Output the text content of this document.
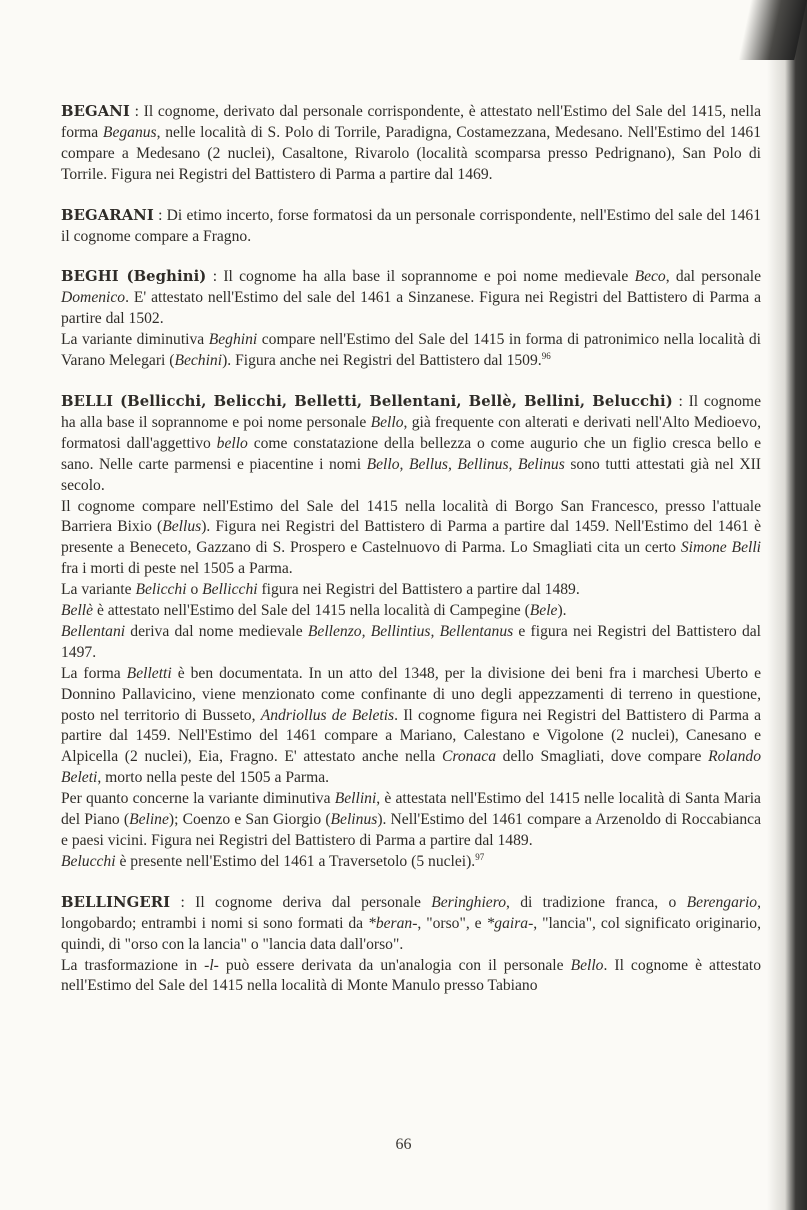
BEGANI : Il cognome, derivato dal personale corrispondente, è attestato nell'Estimo del Sale del 1415, nella forma Beganus, nelle località di S. Polo di Torrile, Paradigna, Costamezzana, Medesano. Nell'Estimo del 1461 compare a Medesano (2 nuclei), Casaltone, Rivarolo (località scomparsa presso Pedrignano), San Polo di Torrile. Figura nei Registri del Battistero di Parma a partire dal 1469.

BEGARANI : Di etimo incerto, forse formatosi da un personale corrispondente, nell'Estimo del sale del 1461 il cognome compare a Fragno.

BEGHI (Beghini) : Il cognome ha alla base il soprannome e poi nome medievale Beco, dal personale Domenico. E' attestato nell'Estimo del sale del 1461 a Sinzanese. Figura nei Registri del Battistero di Parma a partire dal 1502.

La variante diminutiva Beghini compare nell'Estimo del Sale del 1415 in forma di patronimico nella località di Varano Melegari (Bechini). Figura anche nei Registri del Battistero dal 1509.96

BELLI (Bellicchi, Belicchi, Belletti, Bellentani, Bellè, Bellini, Belucchi) : Il cognome ha alla base il soprannome e poi nome personale Bello, già frequente con alterati e derivati nell'Alto Medioevo, formatosi dall'aggettivo bello come constatazione della bellezza o come augurio che un figlio cresca bello e sano. Nelle carte parmensi e piacentine i nomi Bello, Bellus, Bellinus, Belinus sono tutti attestati già nel XII secolo.

Il cognome compare nell'Estimo del Sale del 1415 nella località di Borgo San Francesco, presso l'attuale Barriera Bixio (Bellus). Figura nei Registri del Battistero di Parma a partire dal 1459. Nell'Estimo del 1461 è presente a Beneceto, Gazzano di S. Prospero e Castelnuovo di Parma. Lo Smagliati cita un certo Simone Belli fra i morti di peste nel 1505 a Parma.

La variante Belicchi o Bellicchi figura nei Registri del Battistero a partire dal 1489.

Bellè è attestato nell'Estimo del Sale del 1415 nella località di Campegine (Bele).

Bellentani deriva dal nome medievale Bellenzo, Bellintius, Bellentanus e figura nei Registri del Battistero dal 1497.

La forma Belletti è ben documentata. In un atto del 1348, per la divisione dei beni fra i marchesi Uberto e Donnino Pallavicino, viene menzionato come confinante di uno degli appezzamenti di terreno in questione, posto nel territorio di Busseto, Andriollus de Beletis. Il cognome figura nei Registri del Battistero di Parma a partire dal 1459. Nell'Estimo del 1461 compare a Mariano, Calestano e Vigolone (2 nuclei), Canesano e Alpicella (2 nuclei), Eia, Fragno. E' attestato anche nella Cronaca dello Smagliati, dove compare Rolando Beleti, morto nella peste del 1505 a Parma.

Per quanto concerne la variante diminutiva Bellini, è attestata nell'Estimo del 1415 nelle località di Santa Maria del Piano (Beline); Coenzo e San Giorgio (Belinus). Nell'Estimo del 1461 compare a Arzenoldo di Roccabianca e paesi vicini. Figura nei Registri del Battistero di Parma a partire dal 1489.

Belucchi è presente nell'Estimo del 1461 a Traversetolo (5 nuclei).$^{97}$

BELLINGERI : Il cognome deriva dal personale Beringhiero, di tradizione franca, o Berengario, longobardo; entrambi i nomi si sono formati da *beran-, "orso", e *gaira-, "lancia", col significato originario, quindi, di "orso con la lancia" o "lancia data dall'orso".

La trasformazione in -l- può essere derivata da un'analogia con il personale Bello. Il cognome è attestato nell'Estimo del Sale del 1415 nella località di Monte Manulo presso Tabiano

66
